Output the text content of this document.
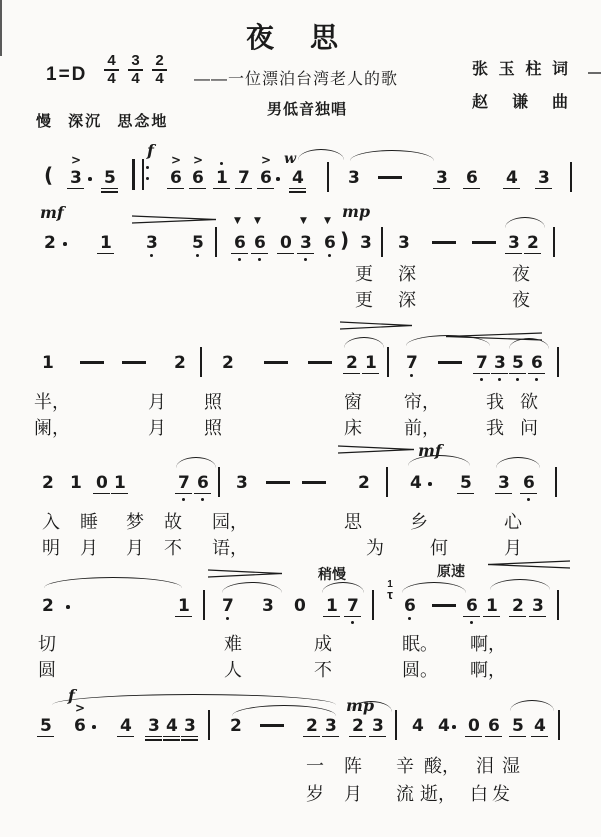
夜思
$1=D \frac{4}{4} \frac{3}{4} \frac{2}{4}$ ——一位漂泊台湾老人的歌
张玉柱词
赵谦曲
男低音独唱
慢 深沉 思念地
(
>
3 5
f >
6
>
6 1 7
>
6
w
4	3	3 6 4 3
mf
2	1 3 5
▼
6
▼
6 0
▼
3
▼
6
mp
) 3 3	3 2
更 深	夜
更 深	夜
1	2 2	2 1 7	7 3 5 6
半，	月 照	窗 帘，	我 欲
阑，	月 照	床 前，	我 问
2 1 0 1	7 6 3	2
mf
4 5 3 6
入 睡 梦 故 园，	思	乡	心
明 月 月 不 语，	为	何	月
2	1 7 3 0
稍慢
1 7
1
τ
原速
6	6 1 2 3
切	难	成	眠。 啊，
圆	人	不	圆。 啊，
f
5
>
6 4 3 4 3 2	2 3
mp
2 3 4 4 0 6 5 4
一 阵 辛 酸， 泪 湿
岁 月 流 逝， 白 发
